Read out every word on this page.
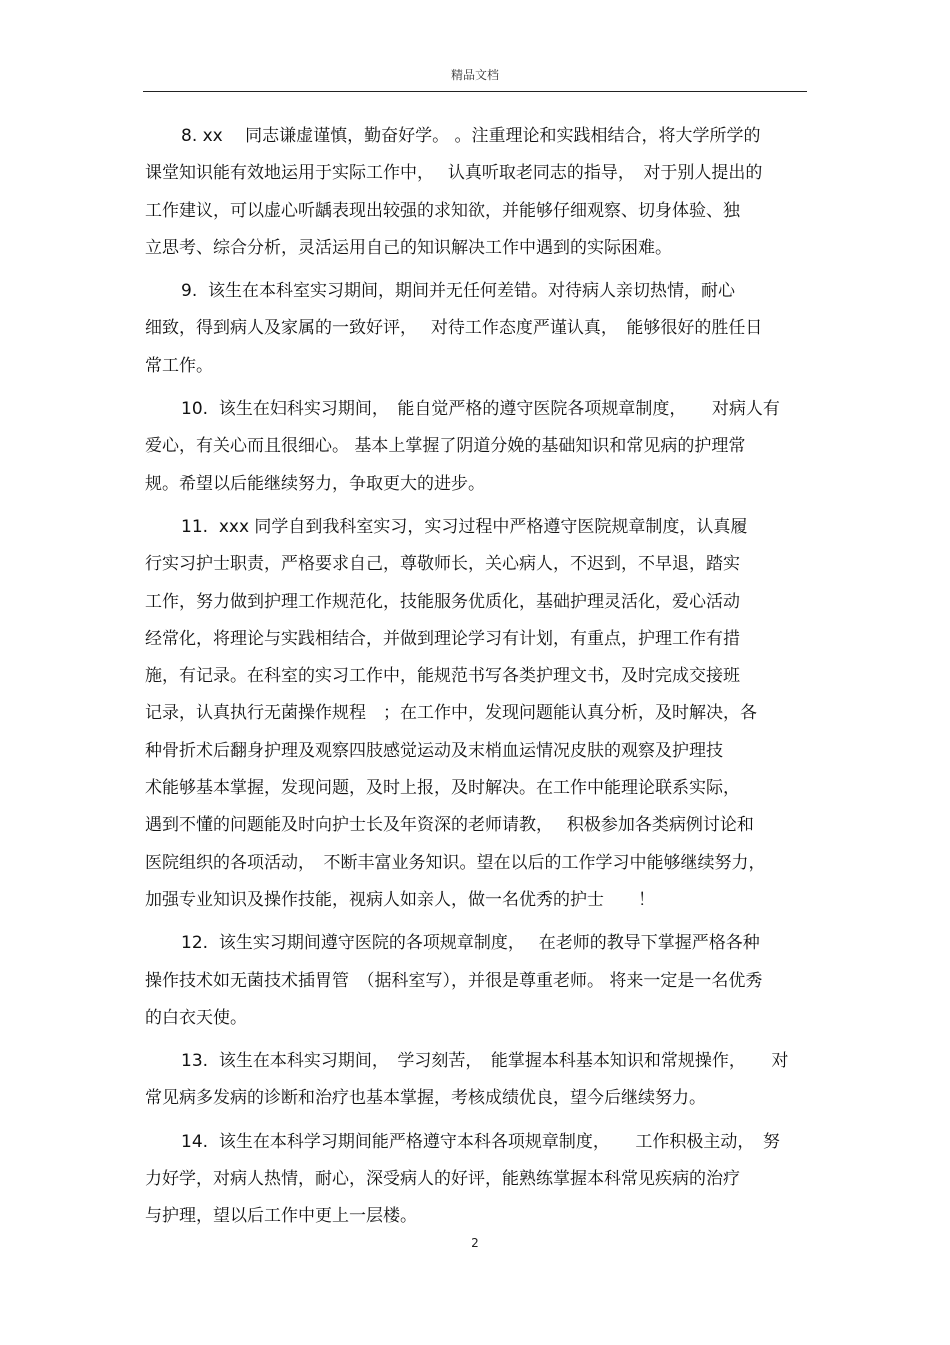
精品文档
8. xx　 同志谦虚谨慎，勤奋好学。 。注重理论和实践相结合，将大学所学的
课堂知识能有效地运用于实际工作中，　 认真听取老同志的指导，　对于别人提出的
工作建议，可以虚心听龋表现出较强的求知欲，并能够仔细观察、切身体验、独
立思考、综合分析，灵活运用自己的知识解决工作中遇到的实际困难。
9.  该生在本科室实习期间，期间并无任何差错。对待病人亲切热情，耐心
细致，得到病人及家属的一致好评，　 对待工作态度严谨认真，　能够很好的胜任日
常工作。
10.  该生在妇科实习期间，　能自觉严格的遵守医院各项规章制度，　　对病人有
爱心，有关心而且很细心。 基本上掌握了阴道分娩的基础知识和常见病的护理常
规。希望以后能继续努力，争取更大的进步。
11.  xxx 同学自到我科室实习，实习过程中严格遵守医院规章制度，认真履
行实习护士职责，严格要求自己，尊敬师长，关心病人，不迟到，不早退，踏实
工作，努力做到护理工作规范化，技能服务优质化，基础护理灵活化，爱心活动
经常化，将理论与实践相结合，并做到理论学习有计划，有重点，护理工作有措
施，有记录。在科室的实习工作中，能规范书写各类护理文书，及时完成交接班
记录，认真执行无菌操作规程　；在工作中，发现问题能认真分析，及时解决，各
种骨折术后翻身护理及观察四肢感觉运动及末梢血运情况皮肤的观察及护理技
术能够基本掌握，发现问题，及时上报，及时解决。在工作中能理论联系实际，
遇到不懂的问题能及时向护士长及年资深的老师请教，　 积极参加各类病例讨论和
医院组织的各项活动，　不断丰富业务知识。望在以后的工作学习中能够继续努力，
加强专业知识及操作技能，视病人如亲人，做一名优秀的护士　　！
12.  该生实习期间遵守医院的各项规章制度，　 在老师的教导下掌握严格各种
操作技术如无菌技术插胃管　（据科室写），并很是尊重老师。 将来一定是一名优秀
的白衣天使。
13.  该生在本科实习期间，　学习刻苦，　能掌握本科基本知识和常规操作，　　对
常见病多发病的诊断和治疗也基本掌握，考核成绩优良，望今后继续努力。
14.  该生在本科学习期间能严格遵守本科各项规章制度，　　工作积极主动，　努
力好学，对病人热情，耐心，深受病人的好评，能熟练掌握本科常见疾病的治疗
与护理，望以后工作中更上一层楼。
2
